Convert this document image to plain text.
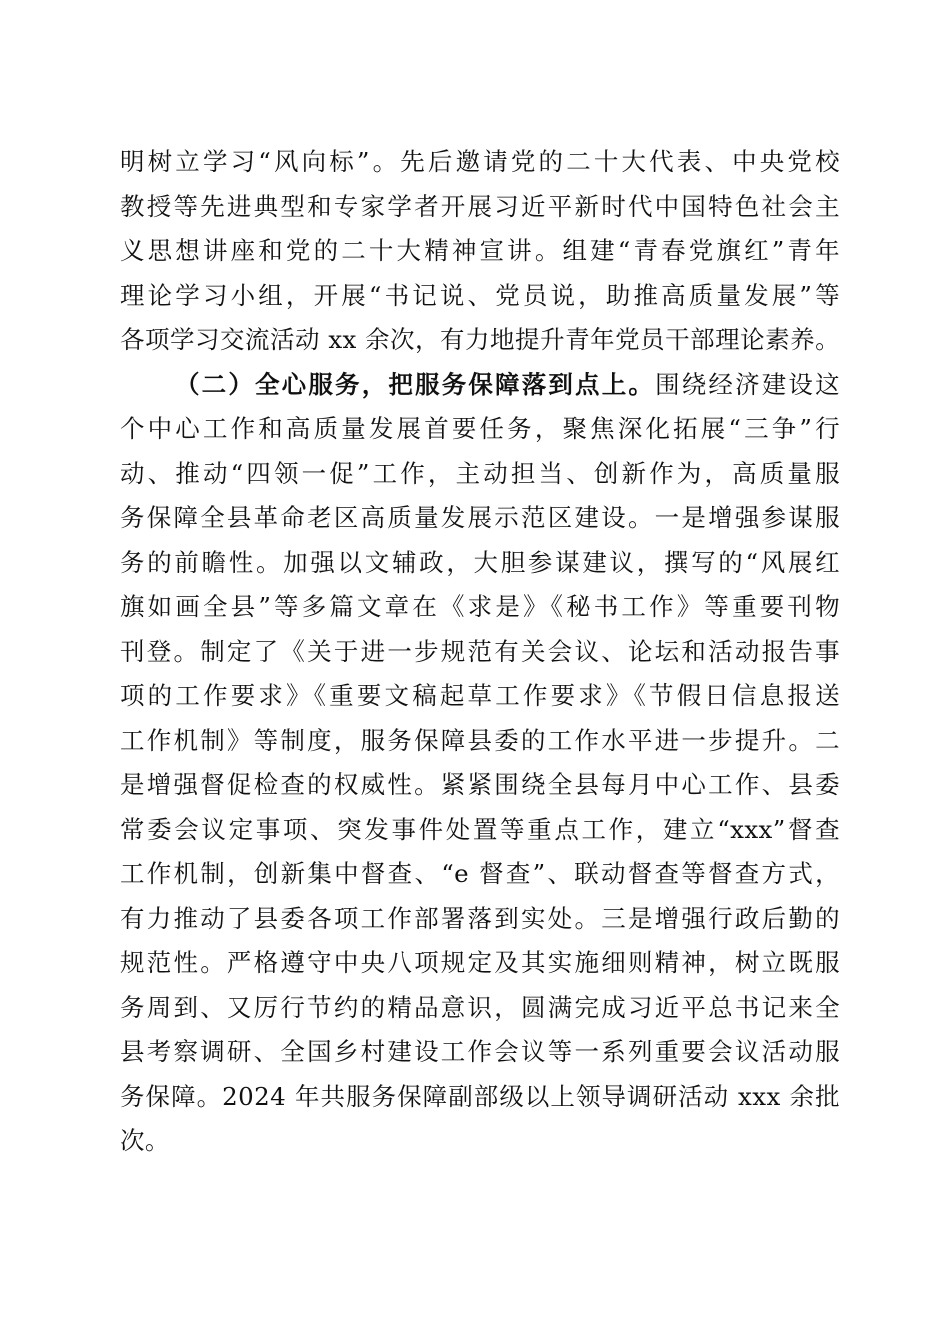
明树立学习“风向标”。先后邀请党的二十大代表、中央党校
教授等先进典型和专家学者开展习近平新时代中国特色社会主
义思想讲座和党的二十大精神宣讲。组建“青春党旗红”青年
理论学习小组，开展“书记说、党员说，助推高质量发展”等
各项学习交流活动 xx 余次，有力地提升青年党员干部理论素养。
（二）全心服务，把服务保障落到点上。围绕经济建设这
个中心工作和高质量发展首要任务，聚焦深化拓展“三争”行
动、推动“四领一促”工作，主动担当、创新作为，高质量服
务保障全县革命老区高质量发展示范区建设。一是增强参谋服
务的前瞻性。加强以文辅政，大胆参谋建议，撰写的“风展红
旗如画全县”等多篇文章在《求是》《秘书工作》等重要刊物
刊登。制定了《关于进一步规范有关会议、论坛和活动报告事
项的工作要求》《重要文稿起草工作要求》《节假日信息报送
工作机制》等制度，服务保障县委的工作水平进一步提升。二
是增强督促检查的权威性。紧紧围绕全县每月中心工作、县委
常委会议定事项、突发事件处置等重点工作，建立“xxx”督查
工作机制，创新集中督查、“e 督查”、联动督查等督查方式，
有力推动了县委各项工作部署落到实处。三是增强行政后勤的
规范性。严格遵守中央八项规定及其实施细则精神，树立既服
务周到、又厉行节约的精品意识，圆满完成习近平总书记来全
县考察调研、全国乡村建设工作会议等一系列重要会议活动服
务保障。2024 年共服务保障副部级以上领导调研活动 xxx 余批
次。
